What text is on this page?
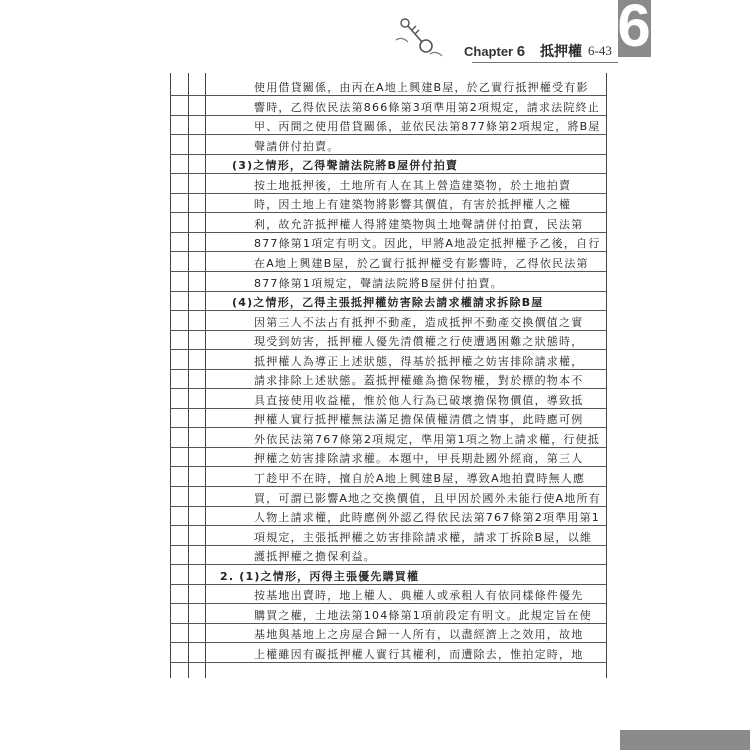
Chapter 6 抵押權 6-43 6
使用借貸關係，由丙在A地上興建B屋，於乙實行抵押權受有影
響時，乙得依民法第866條第3項準用第2項規定，請求法院終止
甲、丙間之使用借貸關係，並依民法第877條第2項規定，將B屋
聲請併付拍賣。
(3)之情形，乙得聲請法院將B屋併付拍賣
按土地抵押後，土地所有人在其上營造建築物，於土地拍賣
時，因土地上有建築物將影響其價值，有害於抵押權人之權
利，故允許抵押權人得將建築物與土地聲請併付拍賣，民法第
877條第1項定有明文。因此，甲將A地設定抵押權予乙後，自行
在A地上興建B屋，於乙實行抵押權受有影響時，乙得依民法第
877條第1項規定，聲請法院將B屋併付拍賣。
(4)之情形，乙得主張抵押權妨害除去請求權請求拆除B屋
因第三人不法占有抵押不動產，造成抵押不動產交換價值之實
現受到妨害，抵押權人優先清償權之行使遭遇困難之狀態時，
抵押權人為導正上述狀態，得基於抵押權之妨害排除請求權，
請求排除上述狀態。蓋抵押權雖為擔保物權，對於標的物本不
具直接使用收益權，惟於他人行為已破壞擔保物價值，導致抵
押權人實行抵押權無法滿足擔保債權清償之情事，此時應可例
外依民法第767條第2項規定，準用第1項之物上請求權，行使抵
押權之妨害排除請求權。本題中，甲長期赴國外經商，第三人
丁趁甲不在時，擅自於A地上興建B屋，導致A地拍賣時無人應
買，可謂已影響A地之交換價值，且甲因於國外未能行使A地所有
人物上請求權，此時應例外認乙得依民法第767條第2項準用第1
項規定，主張抵押權之妨害排除請求權，請求丁拆除B屋，以維
護抵押權之擔保利益。
2. (1)之情形，丙得主張優先購買權
按基地出賣時，地上權人、典權人或承租人有依同樣條件優先
購買之權，土地法第104條第1項前段定有明文。此規定旨在使
基地與基地上之房屋合歸一人所有，以盡經濟上之效用，故地
上權雖因有礙抵押權人實行其權利，而遭除去，惟拍定時，地
